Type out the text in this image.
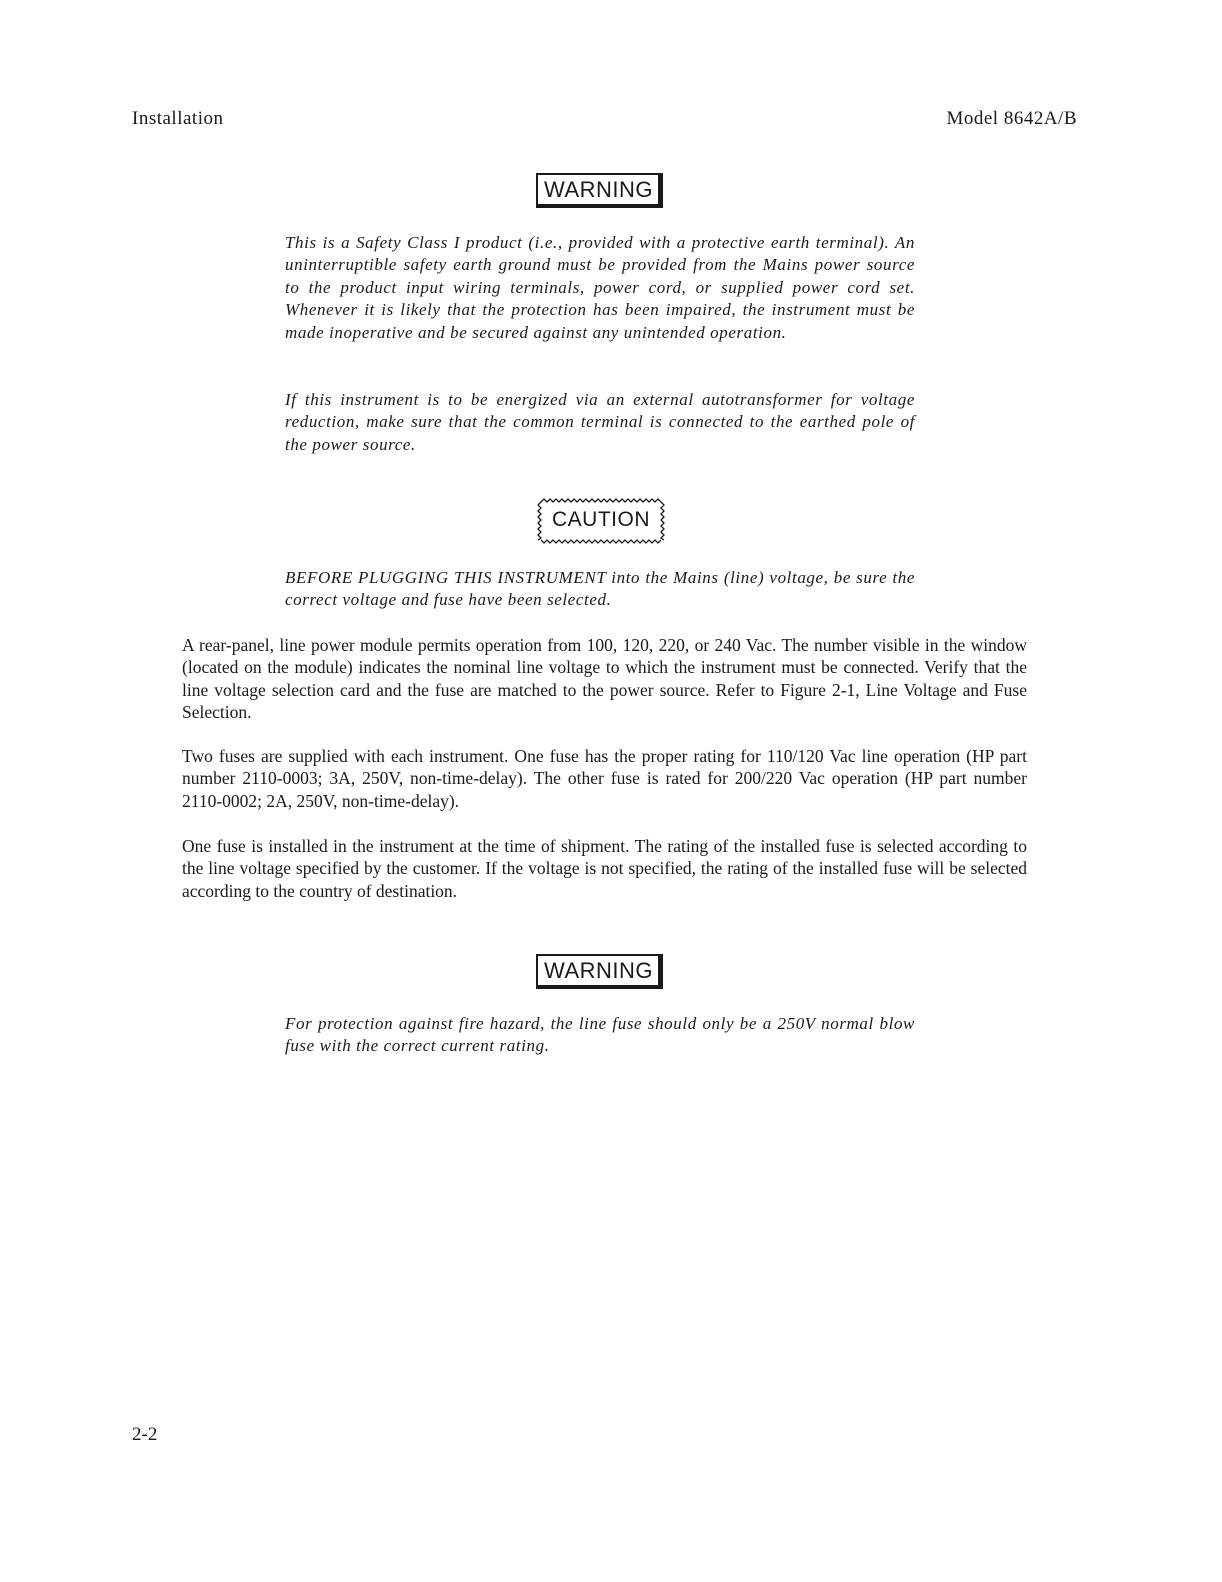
Installation	Model 8642A/B
WARNING
This is a Safety Class I product (i.e., provided with a protective earth terminal). An uninterruptible safety earth ground must be provided from the Mains power source to the product input wiring terminals, power cord, or supplied power cord set. Whenever it is likely that the protection has been impaired, the instrument must be made inoperative and be secured against any unintended operation.
If this instrument is to be energized via an external autotransformer for voltage reduction, make sure that the common terminal is connected to the earthed pole of the power source.
CAUTION
BEFORE PLUGGING THIS INSTRUMENT into the Mains (line) voltage, be sure the correct voltage and fuse have been selected.
A rear-panel, line power module permits operation from 100, 120, 220, or 240 Vac. The number visible in the window (located on the module) indicates the nominal line voltage to which the instrument must be connected. Verify that the line voltage selection card and the fuse are matched to the power source. Refer to Figure 2-1, Line Voltage and Fuse Selection.
Two fuses are supplied with each instrument. One fuse has the proper rating for 110/120 Vac line operation (HP part number 2110-0003; 3A, 250V, non-time-delay). The other fuse is rated for 200/220 Vac operation (HP part number 2110-0002; 2A, 250V, non-time-delay).
One fuse is installed in the instrument at the time of shipment. The rating of the installed fuse is selected according to the line voltage specified by the customer. If the voltage is not specified, the rating of the installed fuse will be selected according to the country of destination.
WARNING
For protection against fire hazard, the line fuse should only be a 250V normal blow fuse with the correct current rating.
2-2
